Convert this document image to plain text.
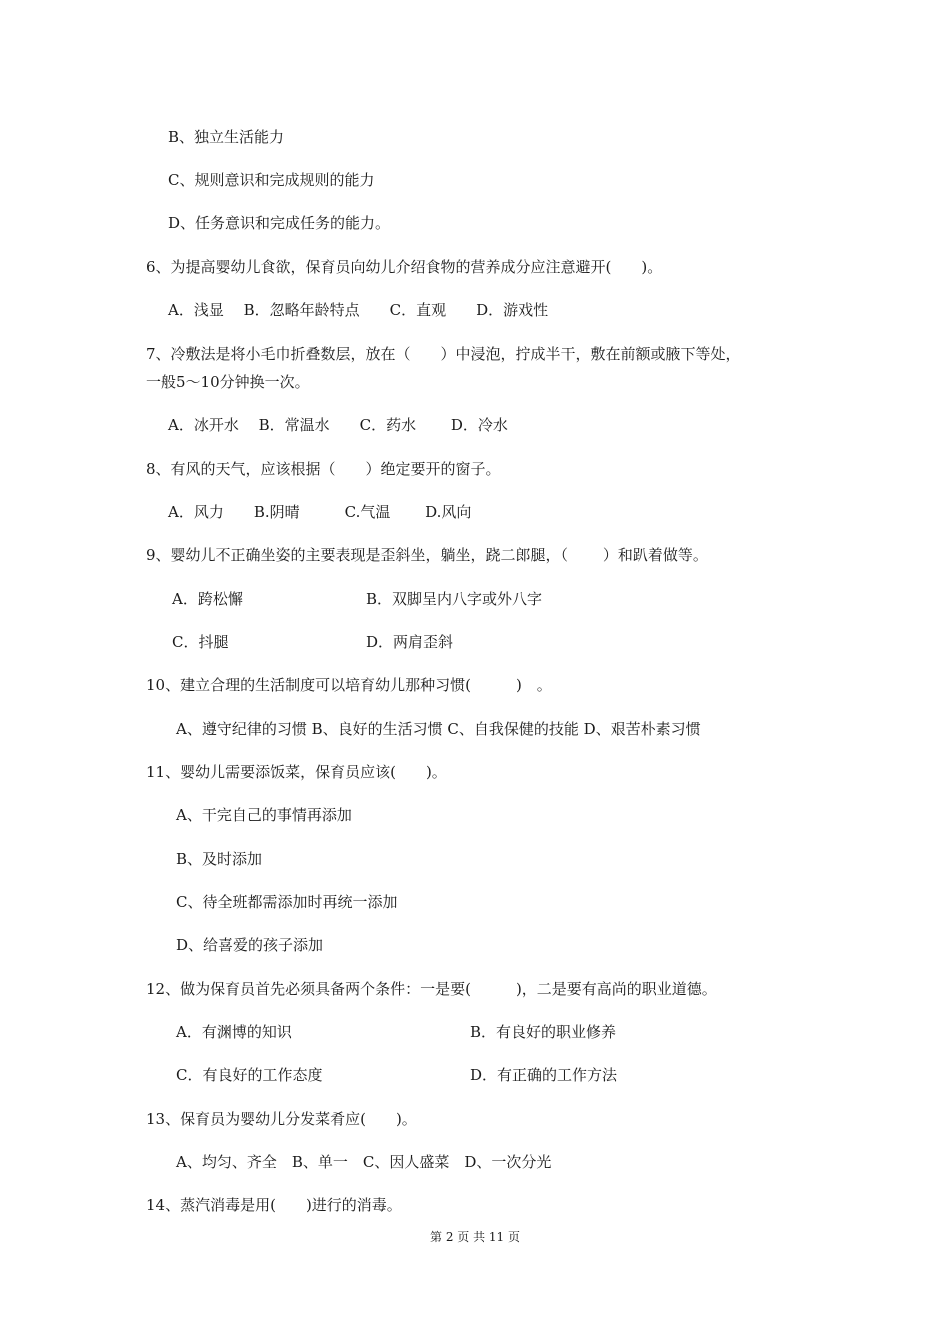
B、独立生活能力
C、规则意识和完成规则的能力
D、任务意识和完成任务的能力。
6、为提高婴幼儿食欲，保育员向幼儿介绍食物的营养成分应注意避开(　　)。
A．浅显　 B．忽略年龄特点　　C．直观　　D．游戏性
7、冷敷法是将小毛巾折叠数层，放在（　　）中浸泡，拧成半干，敷在前额或腋下等处，
一般5～10分钟换一次。
A．冰开水　 B．常温水　　C．药水　　 D．冷水
8、有风的天气，应该根据（　　）绝定要开的窗子。
A．风力　　B.阴晴　　　C.气温　　 D.风向
9、婴幼儿不正确坐姿的主要表现是歪斜坐，躺坐，跷二郎腿，（　　 ）和趴着做等。
A．跨松懈	B．双脚呈内八字或外八字
C．抖腿	D．两肩歪斜
10、建立合理的生活制度可以培育幼儿那种习惯(　　　)　。
A、遵守纪律的习惯 B、良好的生活习惯 C、自我保健的技能 D、艰苦朴素习惯
11、婴幼儿需要添饭菜，保育员应该(　　)。
A、干完自己的事情再添加
B、及时添加
C、待全班都需添加时再统一添加
D、给喜爱的孩子添加
12、做为保育员首先必须具备两个条件：一是要(　　　)，二是要有高尚的职业道德。
A．有渊博的知识	B．有良好的职业修养
C．有良好的工作态度	D．有正确的工作方法
13、保育员为婴幼儿分发菜肴应(　　)。
A、均匀、齐全　B、单一　C、因人盛菜　D、一次分光
14、蒸汽消毒是用(　　)进行的消毒。
第 2 页 共 11 页
